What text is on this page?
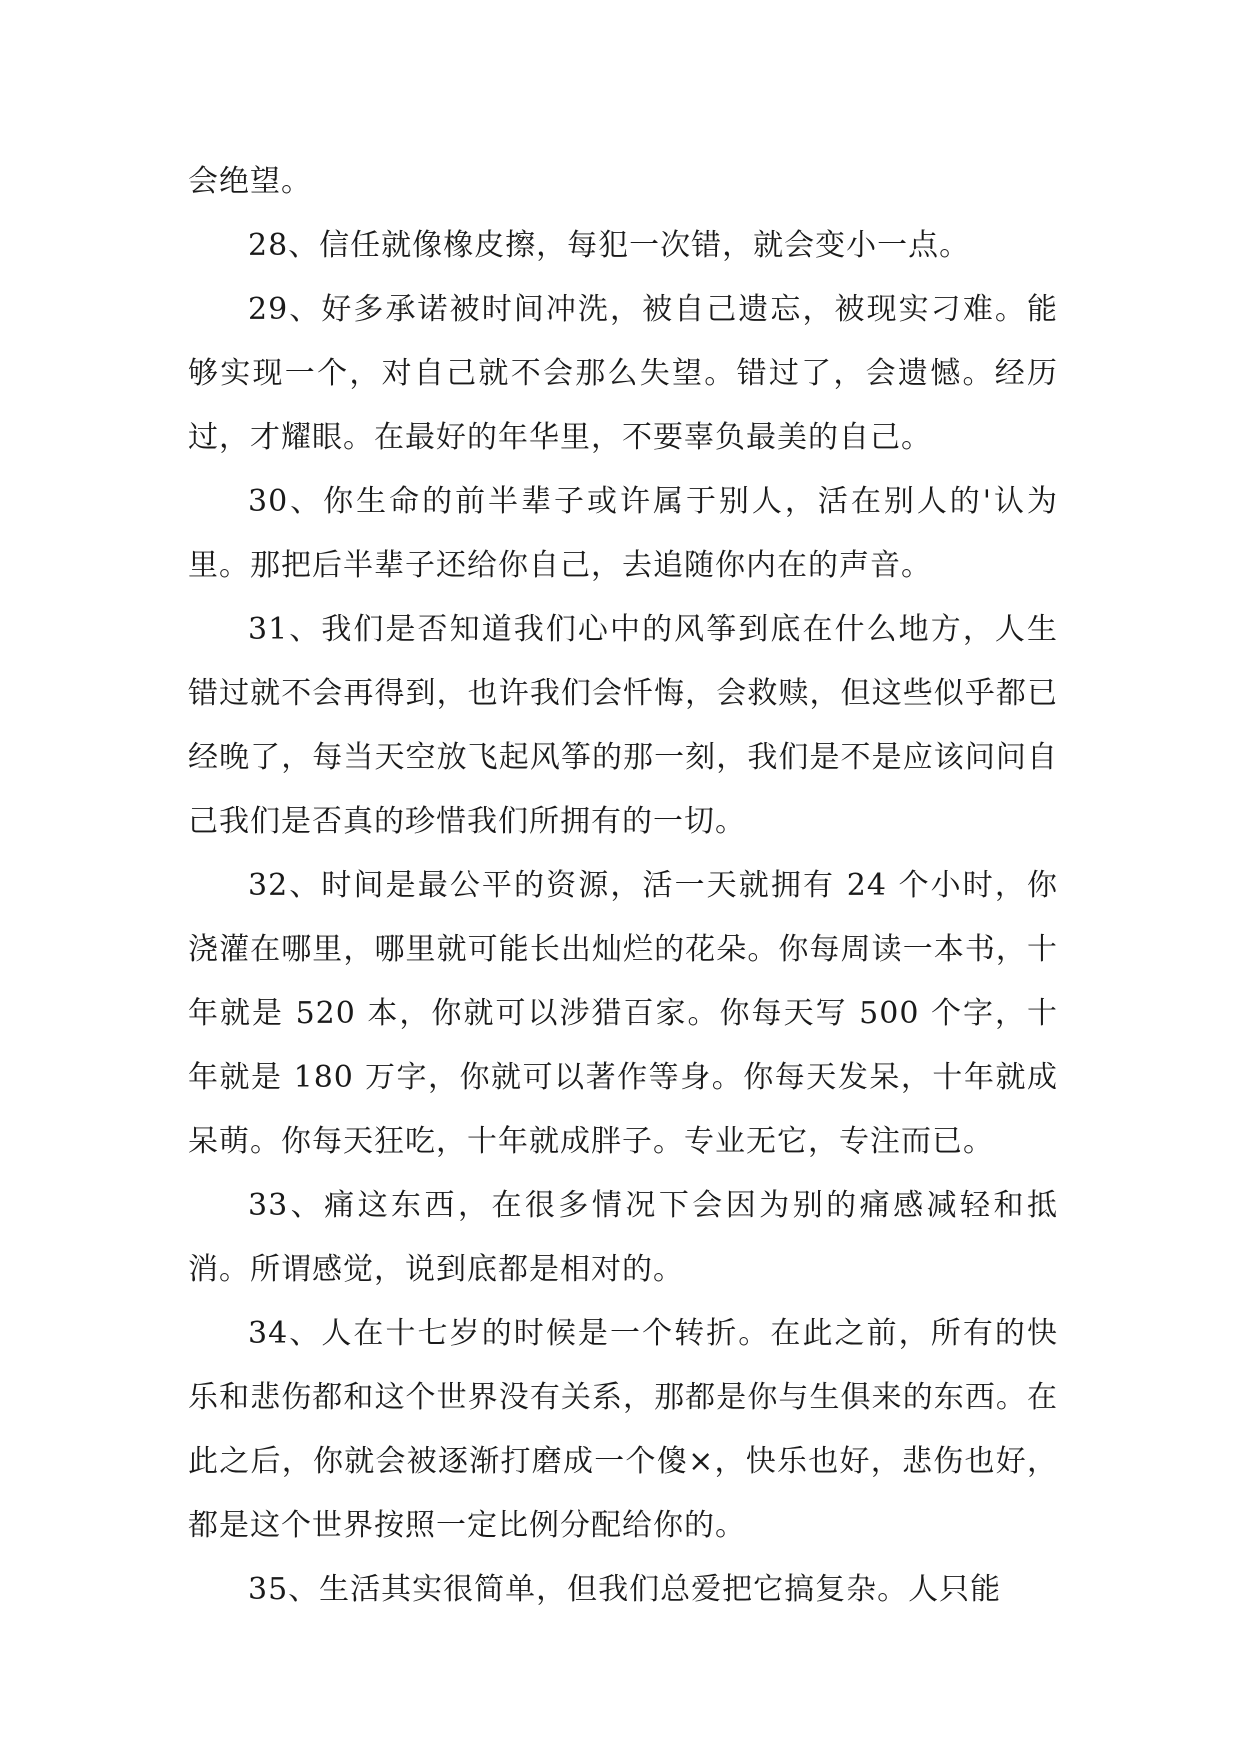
会绝望。

28、信任就像橡皮擦，每犯一次错，就会变小一点。

29、好多承诺被时间冲洗，被自己遗忘，被现实刁难。能够实现一个，对自己就不会那么失望。错过了，会遗憾。经历过，才耀眼。在最好的年华里，不要辜负最美的自己。

30、你生命的前半辈子或许属于别人，活在别人的'认为里。那把后半辈子还给你自己，去追随你内在的声音。

31、我们是否知道我们心中的风筝到底在什么地方，人生错过就不会再得到，也许我们会忏悔，会救赎，但这些似乎都已经晚了，每当天空放飞起风筝的那一刻，我们是不是应该问问自己我们是否真的珍惜我们所拥有的一切。

32、时间是最公平的资源，活一天就拥有 24 个小时，你浇灌在哪里，哪里就可能长出灿烂的花朵。你每周读一本书，十年就是 520 本，你就可以涉猎百家。你每天写 500 个字，十年就是 180 万字，你就可以著作等身。你每天发呆，十年就成呆萌。你每天狂吃，十年就成胖子。专业无它，专注而已。

33、痛这东西，在很多情况下会因为别的痛感减轻和抵消。所谓感觉，说到底都是相对的。

34、人在十七岁的时候是一个转折。在此之前，所有的快乐和悲伤都和这个世界没有关系，那都是你与生俱来的东西。在此之后，你就会被逐渐打磨成一个傻×，快乐也好，悲伤也好，都是这个世界按照一定比例分配给你的。

35、生活其实很简单，但我们总爱把它搞复杂。人只能
